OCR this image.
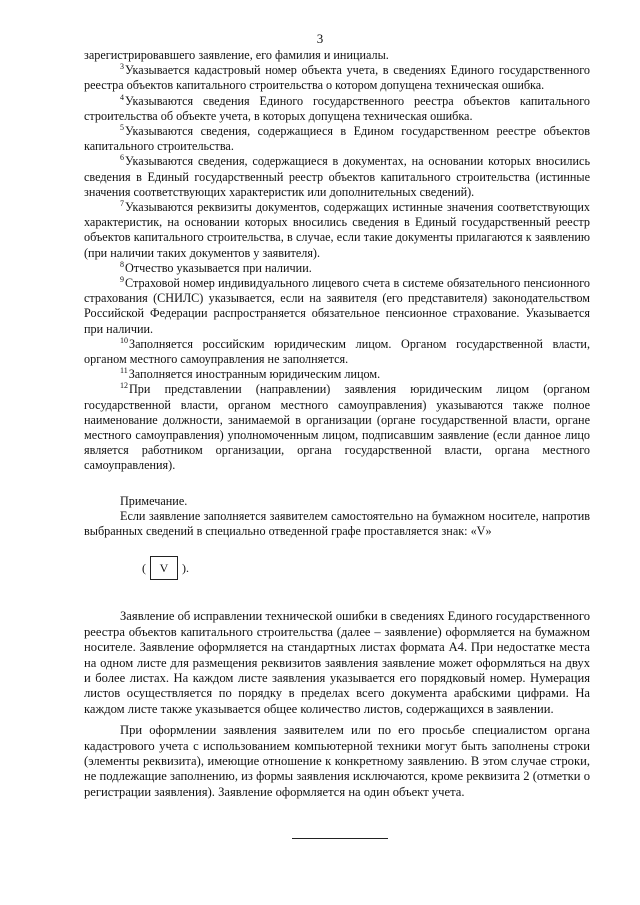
3

зарегистрировавшего заявление, его фамилия и инициалы.

$^3$Указывается кадастровый номер объекта учета, в сведениях Единого государственного реестра объектов капитального строительства о котором допущена техническая ошибка.

$^4$Указываются сведения Единого государственного реестра объектов капитального строительства об объекте учета, в которых допущена техническая ошибка.

$^5$Указываются сведения, содержащиеся в Едином государственном реестре объектов капитального строительства.

$^6$Указываются сведения, содержащиеся в документах, на основании которых вносились сведения в Единый государственный реестр объектов капитального строительства (истинные значения соответствующих характеристик или дополнительных сведений).

$^7$Указываются реквизиты документов, содержащих истинные значения соответствующих характеристик, на основании которых вносились сведения в Единый государственный реестр объектов капитального строительства, в случае, если такие документы прилагаются к заявлению (при наличии таких документов у заявителя).

$^8$Отчество указывается при наличии.

$^9$Страховой номер индивидуального лицевого счета в системе обязательного пенсионного страхования (СНИЛС) указывается, если на заявителя (его представителя) законодательством Российской Федерации распространяется обязательное пенсионное страхование. Указывается при наличии.

$^{10}$Заполняется российским юридическим лицом. Органом государственной власти, органом местного самоуправления не заполняется.

$^{11}$Заполняется иностранным юридическим лицом.

$^{12}$При представлении (направлении) заявления юридическим лицом (органом государственной власти, органом местного самоуправления) указываются также полное наименование должности, занимаемой в организации (органе государственной власти, органе местного самоуправления) уполномоченным лицом, подписавшим заявление (если данное лицо является работником организации, органа государственной власти, органа местного самоуправления).

Примечание.

Если заявление заполняется заявителем самостоятельно на бумажном носителе, напротив выбранных сведений в специально отведенной графе проставляется знак: «V»

(	V	).

Заявление об исправлении технической ошибки в сведениях Единого государственного реестра объектов капитального строительства (далее – заявление) оформляется на бумажном носителе. Заявление оформляется на стандартных листах формата А4. При недостатке места на одном листе для размещения реквизитов заявления заявление может оформляться на двух и более листах. На каждом листе заявления указывается его порядковый номер. Нумерация листов осуществляется по порядку в пределах всего документа арабскими цифрами. На каждом листе также указывается общее количество листов, содержащихся в заявлении.

При оформлении заявления заявителем или по его просьбе специалистом органа кадастрового учета с использованием компьютерной техники могут быть заполнены строки (элементы реквизита), имеющие отношение к конкретному заявлению. В этом случае строки, не подлежащие заполнению, из формы заявления исключаются, кроме реквизита 2 (отметки о регистрации заявления). Заявление оформляется на один объект учета.
